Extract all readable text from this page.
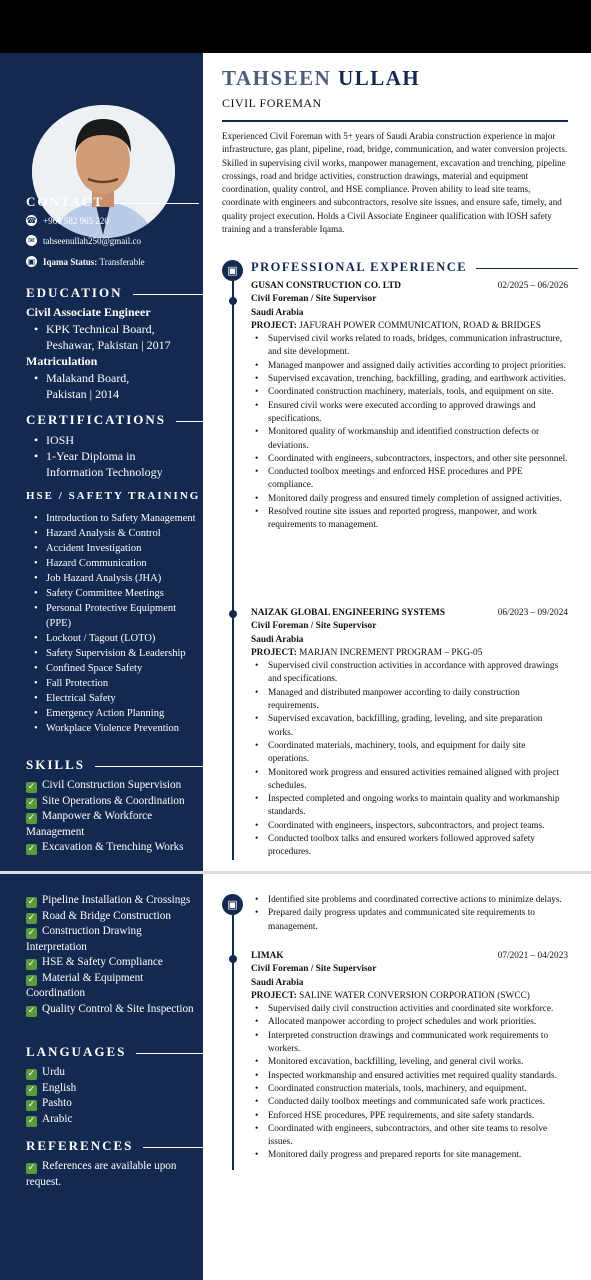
CONTACT
☎ +966 582 965 220
✉ tahseenullah250@gmail.co
▣ Iqama Status:
Transferable
EDUCATION
Civil Associate Engineer
• KPK Technical Board, Peshawar, Pakistan | 2017
Matriculation
• Malakand Board, Pakistan | 2014
CERTIFICATIONS
• IOSH
• 1-Year Diploma in Information Technology
HSE / SAFETY TRAINING
• Introduction to Safety Management
• Hazard Analysis & Control
• Accident Investigation
• Hazard Communication
• Job Hazard Analysis (JHA)
• Safety Committee Meetings
• Personal Protective Equipment (PPE)
• Lockout / Tagout (LOTO)
• Safety Supervision & Leadership
• Confined Space Safety
• Fall Protection
• Electrical Safety
• Emergency Action Planning
• Workplace Violence Prevention
SKILLS
✓ Civil Construction Supervision
✓ Site Operations & Coordination
✓ Manpower & Workforce Management
✓ Excavation & Trenching Works
✓ Pipeline Installation & Crossings
✓ Road & Bridge Construction
✓ Construction Drawing Interpretation
✓ HSE & Safety Compliance
✓ Material & Equipment Coordination
✓ Quality Control & Site Inspection
LANGUAGES
✓ Urdu
✓ English
✓ Pashto
✓ Arabic
REFERENCES
✓ References are available upon request.
TAHSEEN ULLAH
CIVIL FOREMAN
Experienced Civil Foreman with 5+ years of Saudi Arabia construction experience in major infrastructure, gas plant, pipeline, road, bridge, communication, and water conversion projects. Skilled in supervising civil works, manpower management, excavation and trenching, pipeline crossings, road and bridge activities, construction drawings, material and equipment coordination, quality control, and HSE compliance. Proven ability to lead site teams, coordinate with engineers and subcontractors, resolve site issues, and ensure safe, timely, and quality project execution. Holds a Civil Associate Engineer qualification with IOSH safety training and a transferable Iqama.
▣	PROFESSIONAL EXPERIENCE
GUSAN CONSTRUCTION CO. LTD	02/2025 – 06/2026
Civil Foreman / Site Supervisor
Saudi Arabia
PROJECT: JAFURAH POWER COMMUNICATION, ROAD & BRIDGES
• Supervised civil works related to roads, bridges, communication infrastructure, and site development.
• Managed manpower and assigned daily activities according to project priorities.
• Supervised excavation, trenching, backfilling, grading, and earthwork activities.
• Coordinated construction machinery, materials, tools, and equipment on site.
• Ensured civil works were executed according to approved drawings and specifications.
• Monitored quality of workmanship and identified construction defects or deviations.
• Coordinated with engineers, subcontractors, inspectors, and other site personnel.
• Conducted toolbox meetings and enforced HSE procedures and PPE compliance.
• Monitored daily progress and ensured timely completion of assigned activities.
• Resolved routine site issues and reported progress, manpower, and work requirements to management.
NAIZAK GLOBAL ENGINEERING SYSTEMS	06/2023 – 09/2024
Civil Foreman / Site Supervisor
Saudi Arabia
PROJECT: MARJAN INCREMENT PROGRAM – PKG-05
• Supervised civil construction activities in accordance with approved drawings and specifications.
• Managed and distributed manpower according to daily construction requirements.
• Supervised excavation, backfilling, grading, leveling, and site preparation works.
• Coordinated materials, machinery, tools, and equipment for daily site operations.
• Monitored work progress and ensured activities remained aligned with project schedules.
• Inspected completed and ongoing works to maintain quality and workmanship standards.
• Coordinated with engineers, inspectors, subcontractors, and project teams.
• Conducted toolbox talks and ensured workers followed approved safety procedures.
▣
•	Identified site problems and coordinated corrective actions to minimize delays.
• Prepared daily progress updates and communicated site requirements to management.
LIMAK	07/2021 – 04/2023
Civil Foreman / Site Supervisor
Saudi Arabia
PROJECT: SALINE WATER CONVERSION CORPORATION (SWCC)
• Supervised daily civil construction activities and coordinated site workforce.
• Allocated manpower according to project schedules and work priorities.
• Interpreted construction drawings and communicated work requirements to workers.
• Monitored excavation, backfilling, leveling, and general civil works.
• Inspected workmanship and ensured activities met required quality standards.
• Coordinated construction materials, tools, machinery, and equipment.
• Conducted daily toolbox meetings and communicated safe work practices.
• Enforced HSE procedures, PPE requirements, and site safety standards.
• Coordinated with engineers, subcontractors, and other site teams to resolve issues.
• Monitored daily progress and prepared reports for site management.
